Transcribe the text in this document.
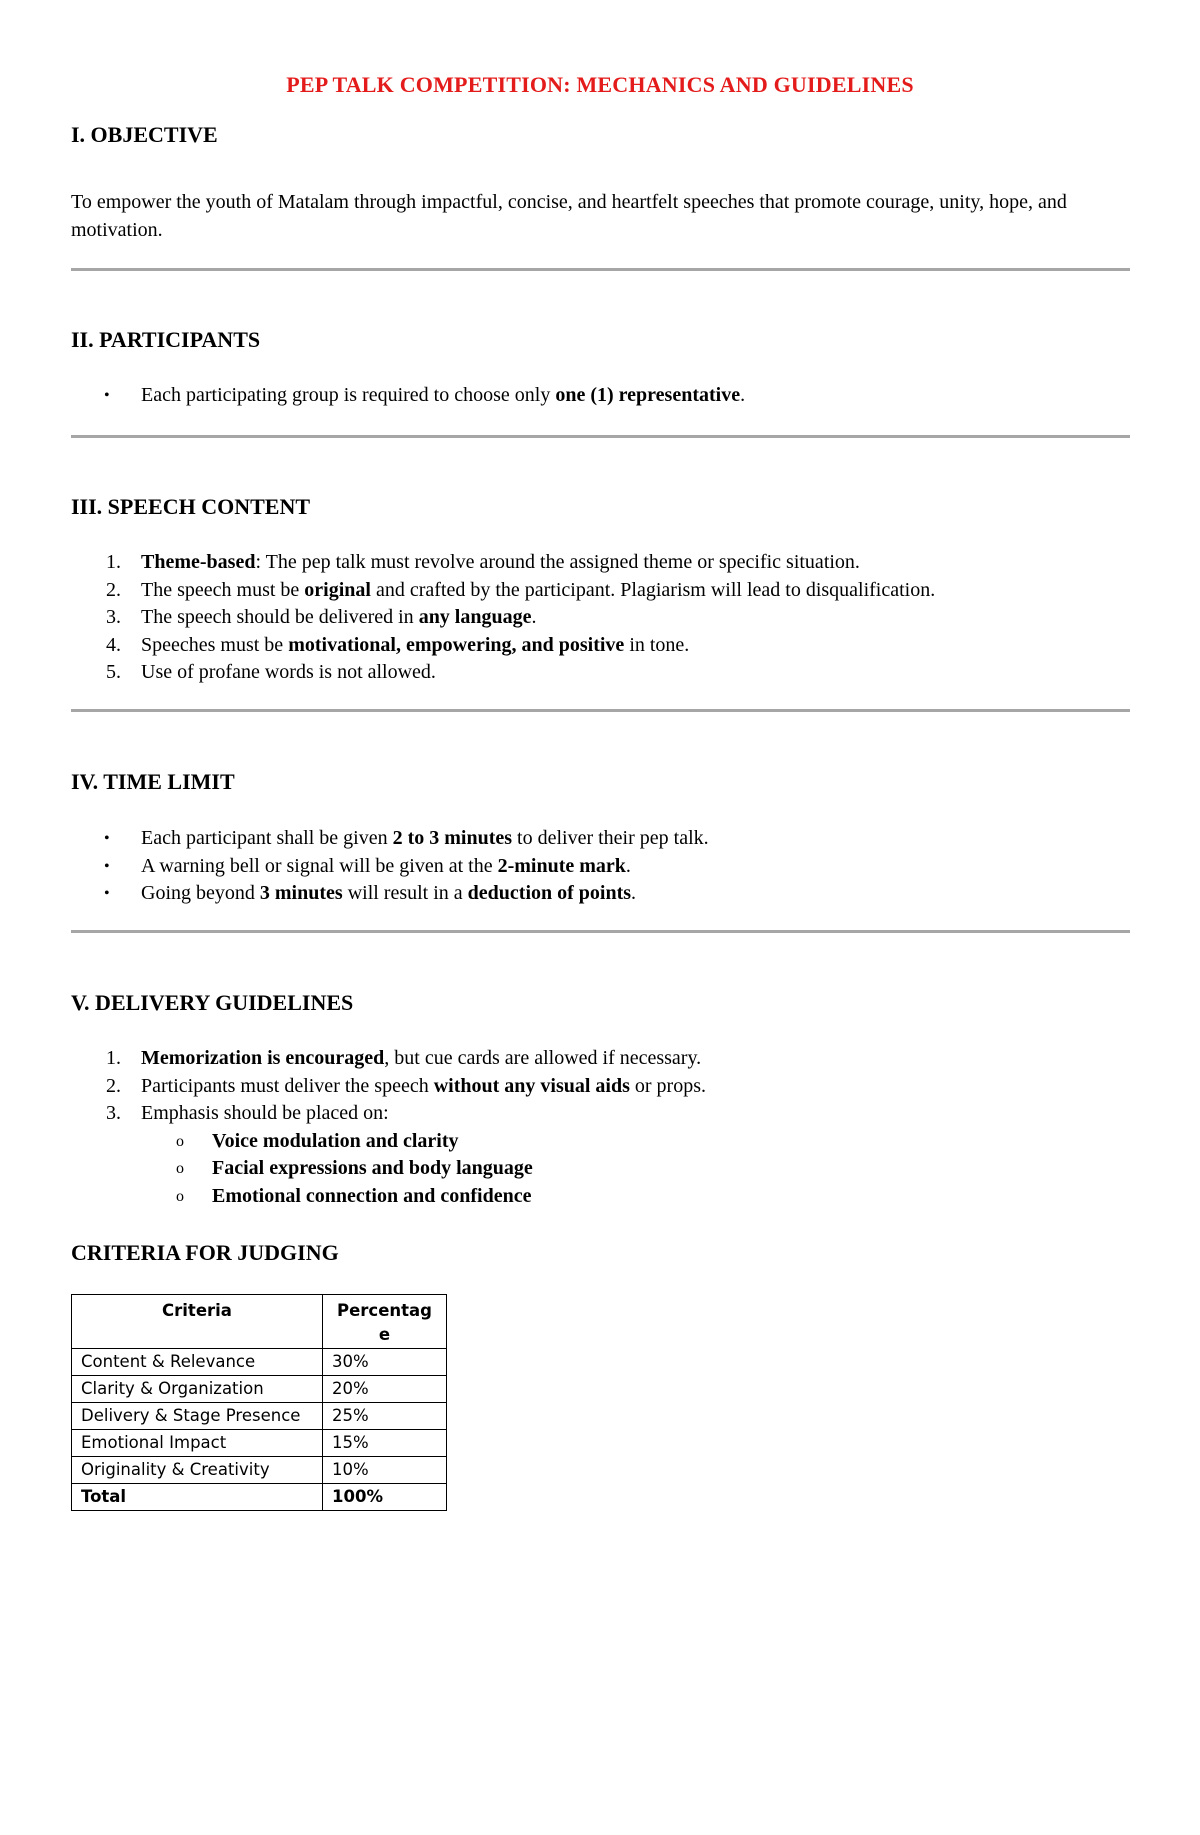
PEP TALK COMPETITION: MECHANICS AND GUIDELINES
I. OBJECTIVE
To empower the youth of Matalam through impactful, concise, and heartfelt speeches that promote courage, unity, hope, and motivation.
II. PARTICIPANTS
•	Each participating group is required to choose only one (1) representative.
III. SPEECH CONTENT
1.	Theme-based: The pep talk must revolve around the assigned theme or specific situation.
2.	The speech must be original and crafted by the participant. Plagiarism will lead to disqualification.
3.	The speech should be delivered in any language.
4.	Speeches must be motivational, empowering, and positive in tone.
5.	Use of profane words is not allowed.
IV. TIME LIMIT
•	Each participant shall be given 2 to 3 minutes to deliver their pep talk.
•	A warning bell or signal will be given at the 2-minute mark.
•	Going beyond 3 minutes will result in a deduction of points.
V. DELIVERY GUIDELINES
1.	Memorization is encouraged, but cue cards are allowed if necessary.
2.	Participants must deliver the speech without any visual aids or props.
3.	Emphasis should be placed on:
o	Voice modulation and clarity
o	Facial expressions and body language
o	Emotional connection and confidence
CRITERIA FOR JUDGING
Criteria	Percentage
Content & Relevance	30%
Clarity & Organization	20%
Delivery & Stage Presence	25%
Emotional Impact	15%
Originality & Creativity	10%
Total	100%
